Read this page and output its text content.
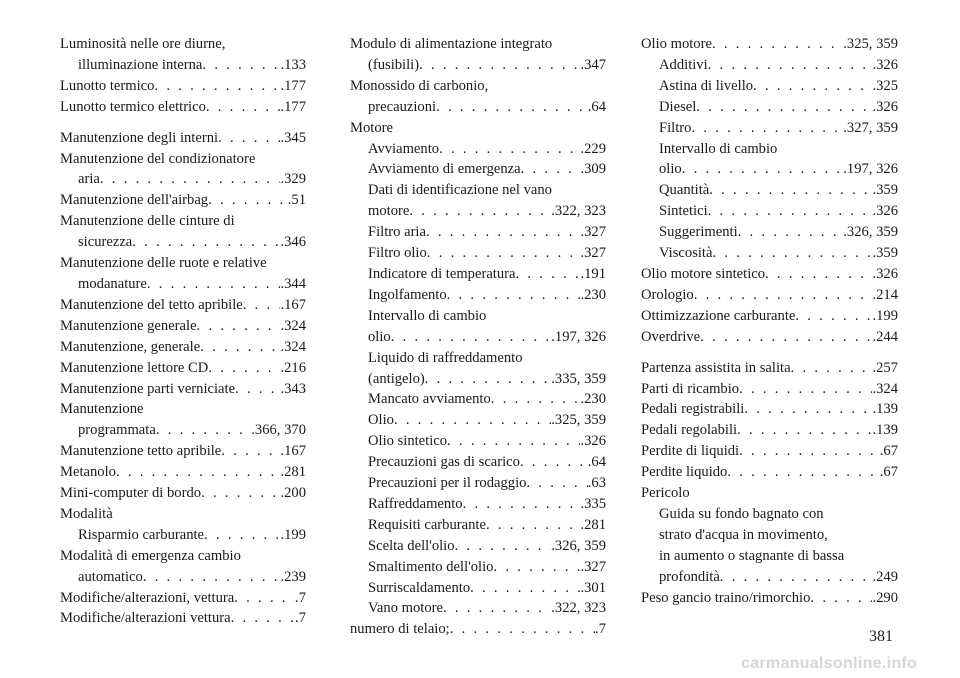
Luminosità nelle ore diurne,
illuminazione interna . . .	.133
Lunotto termico . . .	.177
Lunotto termico elettrico . . .	.177
Manutenzione degli interni . . .	.345
Manutenzione del condizionatore
aria . . .	.329
Manutenzione dell'airbag . . .	.51
Manutenzione delle cinture di
sicurezza . . .	.346
Manutenzione delle ruote e relative
modanature . . .	.344
Manutenzione del tetto apribile . . .	.167
Manutenzione generale . . .	.324
Manutenzione, generale . . .	.324
Manutenzione lettore CD . . .	.216
Manutenzione parti verniciate . . .	.343
Manutenzione
programmata . . .	.366, 370
Manutenzione tetto apribile . . .	.167
Metanolo . . .	.281
Mini-computer di bordo . . .	.200
Modalità
Risparmio carburante . . .	.199
Modalità di emergenza cambio
automatico . . .	.239
Modifiche/alterazioni, vettura . . .	.7
Modifiche/alterazioni vettura . . .	.7
Modulo di alimentazione integrato
(fusibili) . . .	.347
Monossido di carbonio,
precauzioni . . .	.64
Motore
Avviamento . . .	.229
Avviamento di emergenza . . .	.309
Dati di identificazione nel vano
motore . . .	.322, 323
Filtro aria . . .	.327
Filtro olio . . .	.327
Indicatore di temperatura . . .	.191
Ingolfamento . . .	.230
Intervallo di cambio
olio . . .	.197, 326
Liquido di raffreddamento
(antigelo) . . .	.335, 359
Mancato avviamento . . .	.230
Olio . . .	.325, 359
Olio sintetico . . .	.326
Precauzioni gas di scarico . . .	.64
Precauzioni per il rodaggio . . .	.63
Raffreddamento . . .	.335
Requisiti carburante . . .	.281
Scelta dell'olio . . .	.326, 359
Smaltimento dell'olio . . .	.327
Surriscaldamento . . .	.301
Vano motore . . .	.322, 323
numero di telaio; . . .	.7
Olio motore . . .	.325, 359
Additivi . . .	.326
Astina di livello . . .	.325
Diesel . . .	.326
Filtro . . .	.327, 359
Intervallo di cambio
olio . . .	.197, 326
Quantità . . .	.359
Sintetici . . .	.326
Suggerimenti . . .	.326, 359
Viscosità . . .	.359
Olio motore sintetico . . .	.326
Orologio . . .	.214
Ottimizzazione carburante . . .	.199
Overdrive . . .	.244
Partenza assistita in salita . . .	.257
Parti di ricambio . . .	.324
Pedali registrabili . . .	.139
Pedali regolabili . . .	.139
Perdite di liquidi . . .	.67
Perdite liquido . . .	.67
Pericolo
Guida su fondo bagnato con
strato d'acqua in movimento,
in aumento o stagnante di bassa
profondità . . .	.249
Peso gancio traino/rimorchio . . .	.290
381
carmanualsonline.info
